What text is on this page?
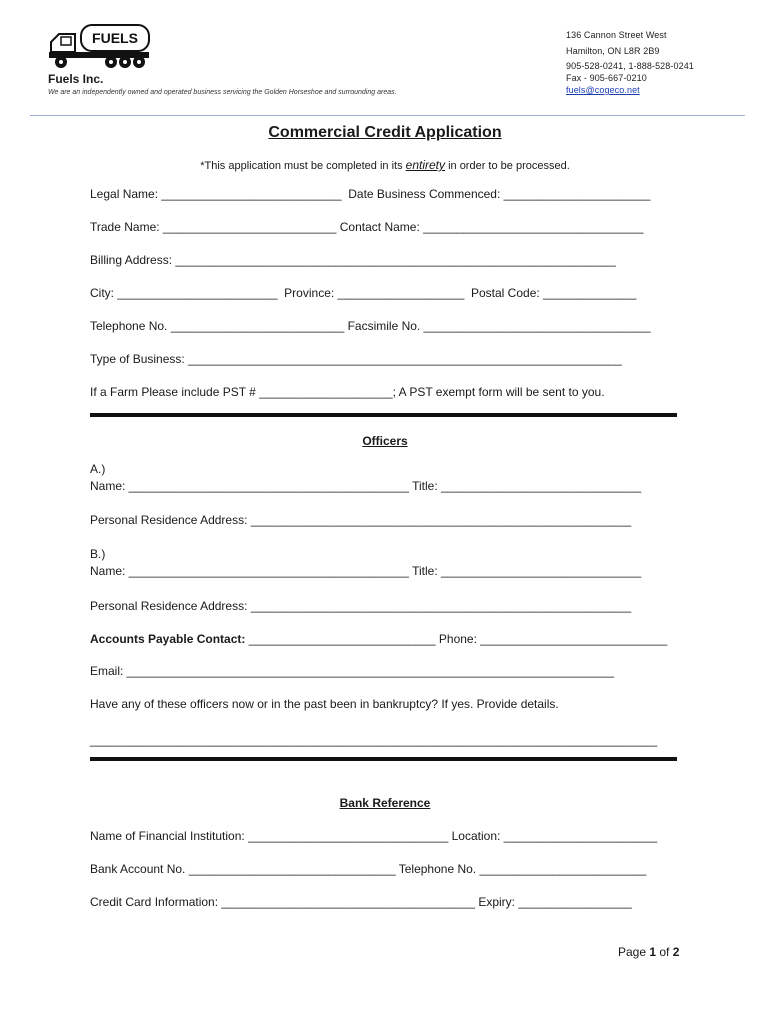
FUELS
Fuels Inc.
We are an independently owned and operated business servicing the Golden Horseshoe and surrounding areas.
136 Cannon Street West
Hamilton, ON L8R 2B9
905-528-0241, 1-888-528-0241
Fax - 905-667-0210
fuels@cogeco.net
Commercial Credit Application
*This application must be completed in its entirety in order to be processed.
Legal Name: ___________________________  Date Business Commenced: ______________________
Trade Name: __________________________ Contact Name: _________________________________
Billing Address: __________________________________________________________________
City: ________________________  Province: ___________________  Postal Code: ______________
Telephone No. __________________________ Facsimile No. __________________________________
Type of Business: _________________________________________________________________
If a Farm Please include PST # ____________________; A PST exempt form will be sent to you.
Officers
A.)
Name: __________________________________________ Title: ______________________________
Personal Residence Address: _________________________________________________________
B.)
Name: __________________________________________ Title: ______________________________
Personal Residence Address: _________________________________________________________
Accounts Payable Contact: ____________________________ Phone: ____________________________
Email: _________________________________________________________________________
Have any of these officers now or in the past been in bankruptcy? If yes. Provide details.
_____________________________________________________________________________________
Bank Reference
Name of Financial Institution: ______________________________ Location: _______________________
Bank Account No. _______________________________ Telephone No. _________________________
Credit Card Information: ______________________________________ Expiry: _________________
Page 1 of 2
